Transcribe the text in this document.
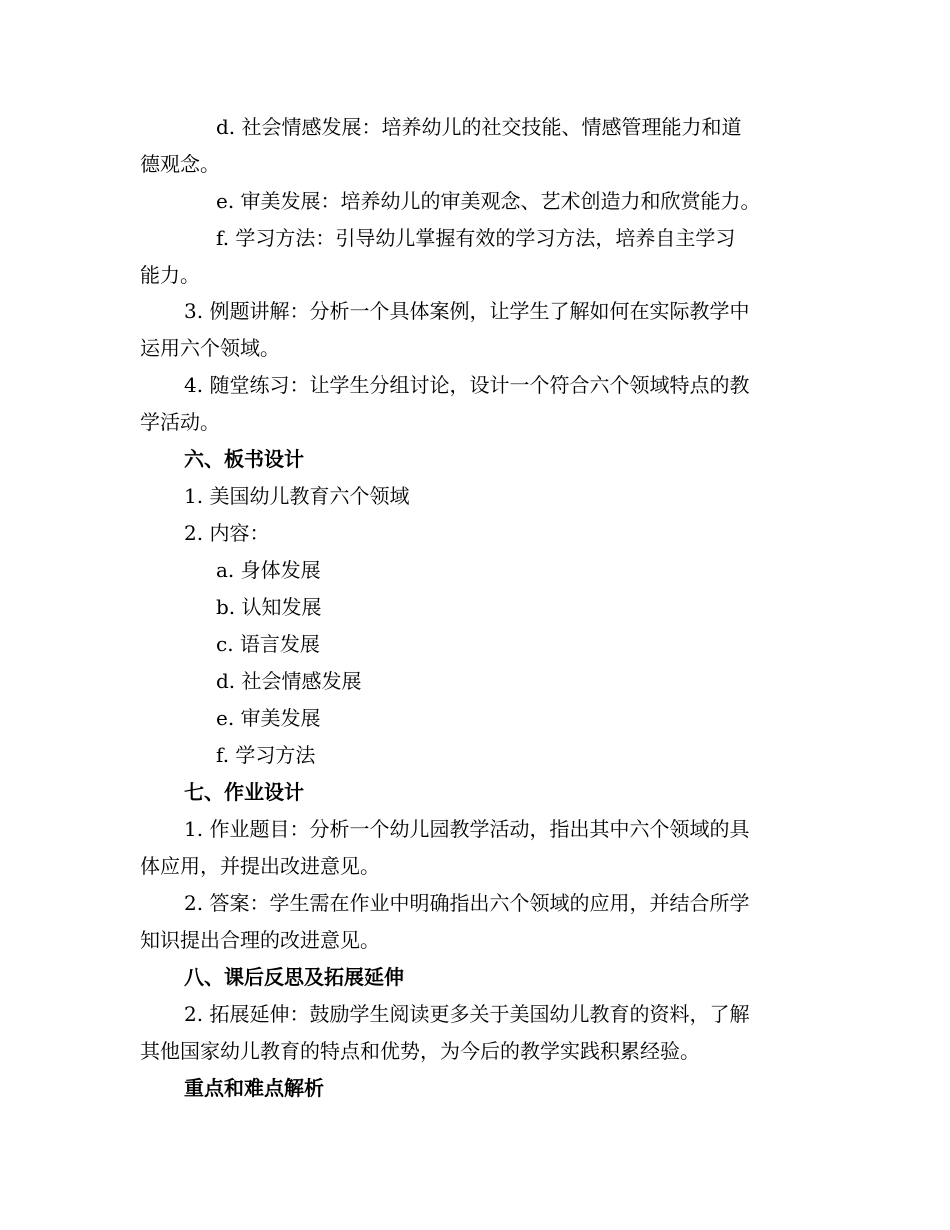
d. 社会情感发展：培养幼儿的社交技能、情感管理能力和道
德观念。
e. 审美发展：培养幼儿的审美观念、艺术创造力和欣赏能力。
f. 学习方法：引导幼儿掌握有效的学习方法，培养自主学习
能力。
3. 例题讲解：分析一个具体案例，让学生了解如何在实际教学中
运用六个领域。
4. 随堂练习：让学生分组讨论，设计一个符合六个领域特点的教
学活动。
六、板书设计
1. 美国幼儿教育六个领域
2. 内容：
a. 身体发展
b. 认知发展
c. 语言发展
d. 社会情感发展
e. 审美发展
f. 学习方法
七、作业设计
1. 作业题目：分析一个幼儿园教学活动，指出其中六个领域的具
体应用，并提出改进意见。
2. 答案：学生需在作业中明确指出六个领域的应用，并结合所学
知识提出合理的改进意见。
八、课后反思及拓展延伸
2. 拓展延伸：鼓励学生阅读更多关于美国幼儿教育的资料，了解
其他国家幼儿教育的特点和优势，为今后的教学实践积累经验。
重点和难点解析
